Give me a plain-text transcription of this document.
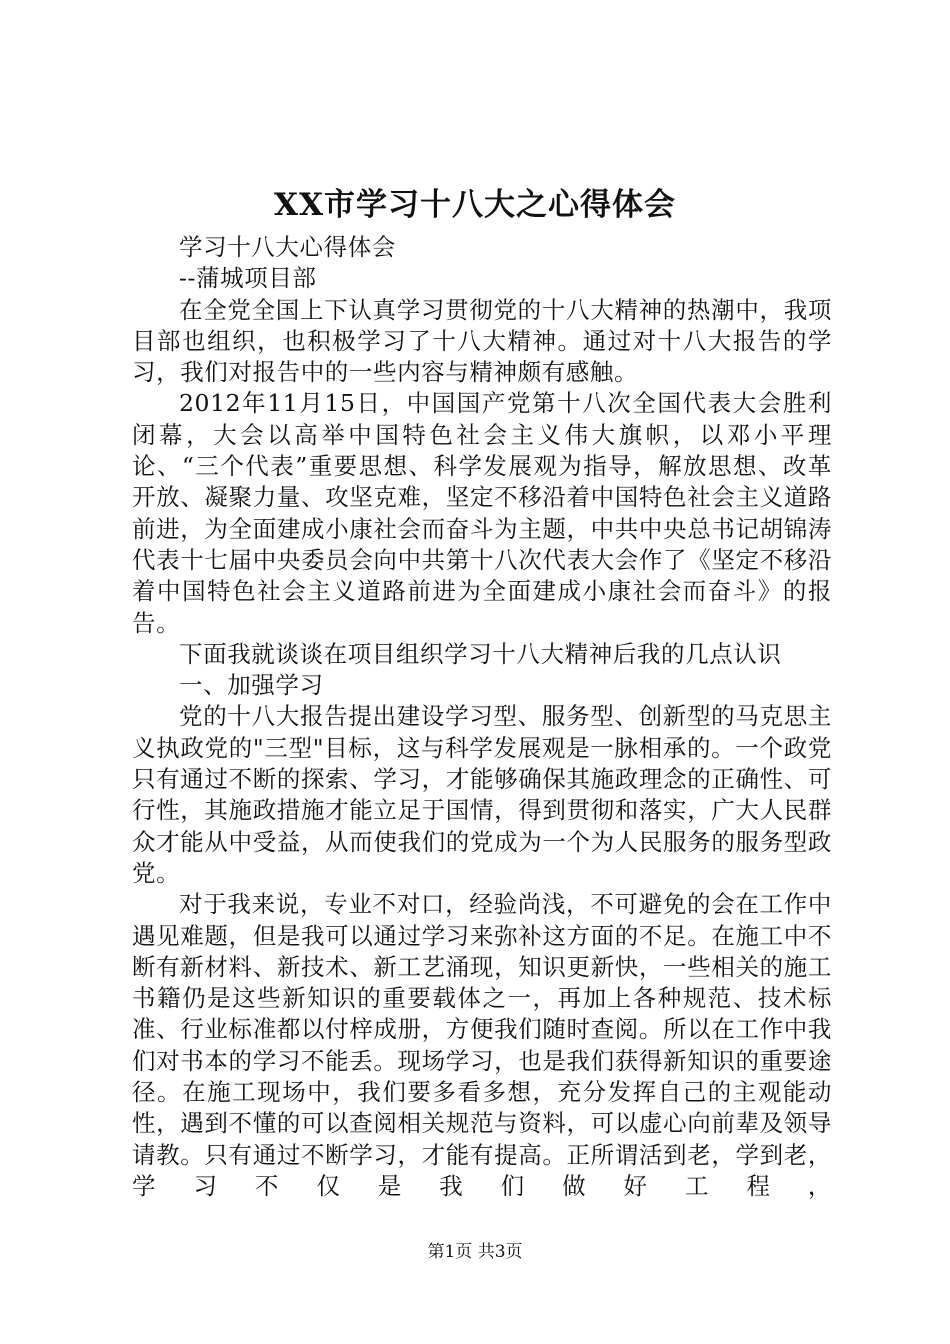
XX市学习十八大之心得体会

学习十八大心得体会

--蒲城项目部

在全党全国上下认真学习贯彻党的十八大精神的热潮中，我项目部也组织，也积极学习了十八大精神。通过对十八大报告的学习，我们对报告中的一些内容与精神颇有感触。

2012年11月15日，中国国产党第十八次全国代表大会胜利闭幕，大会以高举中国特色社会主义伟大旗帜，以邓小平理论、“三个代表”重要思想、科学发展观为指导，解放思想、改革开放、凝聚力量、攻坚克难，坚定不移沿着中国特色社会主义道路前进，为全面建成小康社会而奋斗为主题，中共中央总书记胡锦涛代表十七届中央委员会向中共第十八次代表大会作了《坚定不移沿着中国特色社会主义道路前进为全面建成小康社会而奋斗》的报告。

下面我就谈谈在项目组织学习十八大精神后我的几点认识

一、加强学习

党的十八大报告提出建设学习型、服务型、创新型的马克思主义执政党的"三型"目标，这与科学发展观是一脉相承的。一个政党只有通过不断的探索、学习，才能够确保其施政理念的正确性、可行性，其施政措施才能立足于国情，得到贯彻和落实，广大人民群众才能从中受益，从而使我们的党成为一个为人民服务的服务型政党。

对于我来说，专业不对口，经验尚浅，不可避免的会在工作中遇见难题，但是我可以通过学习来弥补这方面的不足。在施工中不断有新材料、新技术、新工艺涌现，知识更新快，一些相关的施工书籍仍是这些新知识的重要载体之一，再加上各种规范、技术标准、行业标准都以付梓成册，方便我们随时查阅。所以在工作中我们对书本的学习不能丢。现场学习，也是我们获得新知识的重要途径。在施工现场中，我们要多看多想，充分发挥自己的主观能动性，遇到不懂的可以查阅相关规范与资料，可以虚心向前辈及领导请教。只有通过不断学习，才能有提高。正所谓活到老，学到老，学习不仅是我们做好工程，

第1页 共3页
